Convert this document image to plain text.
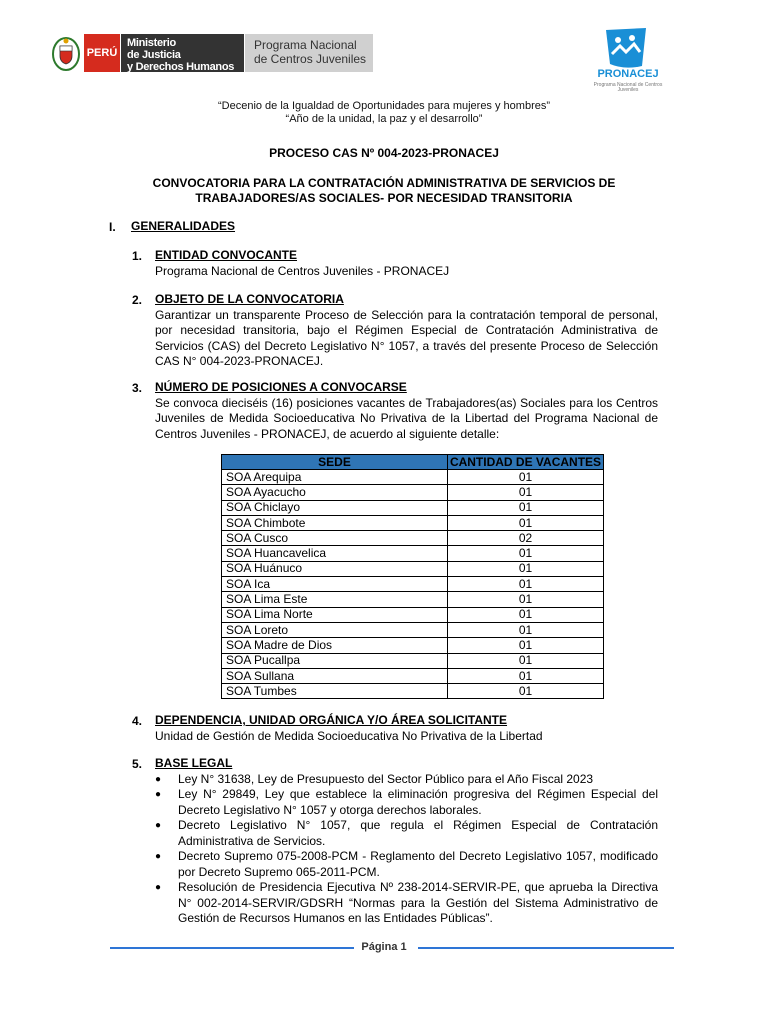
PERÚ
Ministerio
de Justicia
y Derechos Humanos
Programa Nacional
de Centros Juveniles
PRONACEJ
Programa Nacional de Centros Juveniles
“Decenio de la Igualdad de Oportunidades para mujeres y hombres”
“Año de la unidad, la paz y el desarrollo”
PROCESO CAS Nº 004-2023-PRONACEJ
CONVOCATORIA PARA LA CONTRATACIÓN ADMINISTRATIVA DE SERVICIOS DE
TRABAJADORES/AS SOCIALES- POR NECESIDAD TRANSITORIA
I. GENERALIDADES
1. ENTIDAD CONVOCANTE
Programa Nacional de Centros Juveniles - PRONACEJ
2. OBJETO DE LA CONVOCATORIA
Garantizar un transparente Proceso de Selección para la contratación temporal de personal, por necesidad transitoria, bajo el Régimen Especial de Contratación Administrativa de Servicios (CAS) del Decreto Legislativo N° 1057, a través del presente Proceso de Selección CAS N° 004-2023-PRONACEJ.
3. NÚMERO DE POSICIONES A CONVOCARSE
Se convoca dieciséis (16) posiciones vacantes de Trabajadores(as) Sociales para los Centros Juveniles de Medida Socioeducativa No Privativa de la Libertad del Programa Nacional de Centros Juveniles - PRONACEJ, de acuerdo al siguiente detalle:
SEDE	CANTIDAD DE VACANTES
SOA Arequipa	01
SOA Ayacucho	01
SOA Chiclayo	01
SOA Chimbote	01
SOA Cusco	02
SOA Huancavelica	01
SOA Huánuco	01
SOA Ica	01
SOA Lima Este	01
SOA Lima Norte	01
SOA Loreto	01
SOA Madre de Dios	01
SOA Pucallpa	01
SOA Sullana	01
SOA Tumbes	01
4. DEPENDENCIA, UNIDAD ORGÁNICA Y/O ÁREA SOLICITANTE
Unidad de Gestión de Medida Socioeducativa No Privativa de la Libertad
5. BASE LEGAL
● Ley N° 31638, Ley de Presupuesto del Sector Público para el Año Fiscal 2023
● Ley N° 29849, Ley que establece la eliminación progresiva del Régimen Especial del Decreto Legislativo N° 1057 y otorga derechos laborales.
● Decreto Legislativo N° 1057, que regula el Régimen Especial de Contratación Administrativa de Servicios.
● Decreto Supremo 075-2008-PCM - Reglamento del Decreto Legislativo 1057, modificado por Decreto Supremo 065-2011-PCM.
● Resolución de Presidencia Ejecutiva Nº 238-2014-SERVIR-PE, que aprueba la Directiva N° 002-2014-SERVIR/GDSRH “Normas para la Gestión del Sistema Administrativo de Gestión de Recursos Humanos en las Entidades Públicas”.
Página 1
